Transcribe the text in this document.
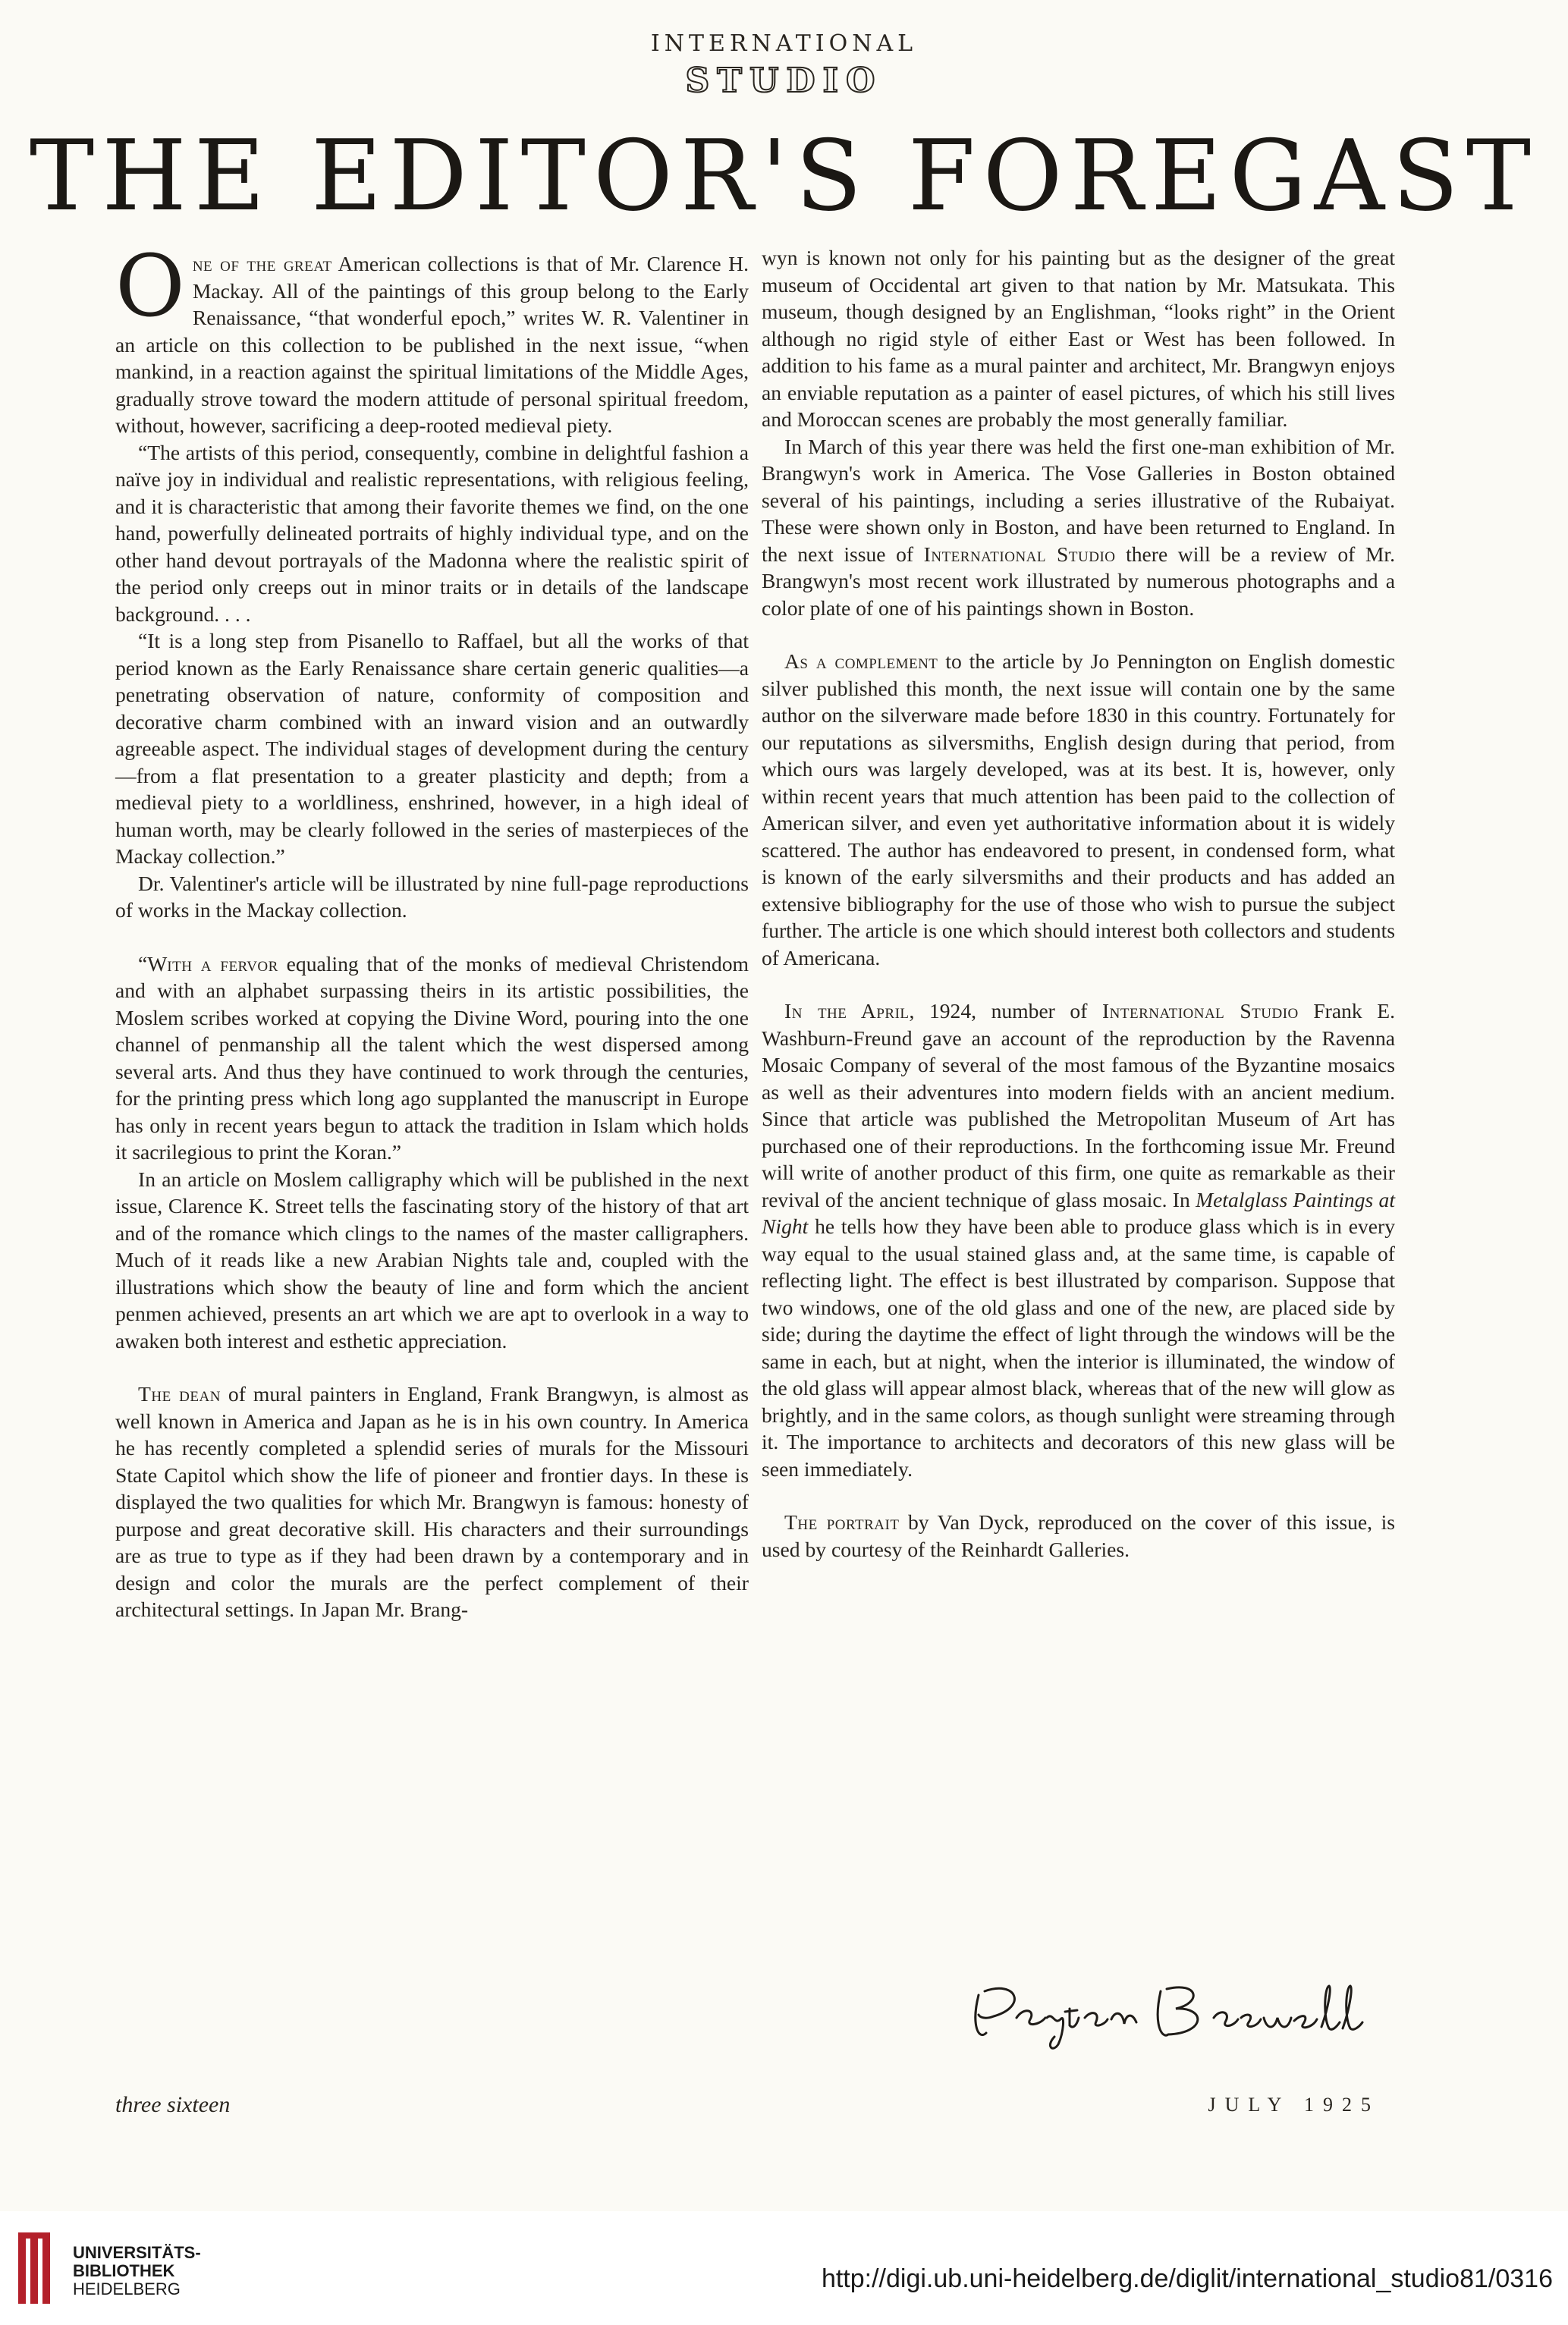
INTERNATIONAL
STUDIO
THE EDITOR'S FOREGAST

One of the great American collections is that of Mr. Clarence H. Mackay. All of the paintings of this group belong to the Early Renaissance, “that wonderful epoch,” writes W. R. Valentiner in an article on this collection to be published in the next issue, “when mankind, in a reaction against the spiritual limitations of the Middle Ages, gradually strove toward the modern attitude of personal spiritual freedom, without, however, sacrificing a deep-rooted medieval piety.

“The artists of this period, consequently, combine in delightful fashion a naïve joy in individual and realistic representations, with religious feeling, and it is characteristic that among their favorite themes we find, on the one hand, powerfully delineated portraits of highly individual type, and on the other hand devout portrayals of the Madonna where the realistic spirit of the period only creeps out in minor traits or in details of the landscape background. . . .

“It is a long step from Pisanello to Raffael, but all the works of that period known as the Early Renaissance share certain generic qualities—a penetrating observation of nature, conformity of composition and decorative charm combined with an inward vision and an outwardly agreeable aspect. The individual stages of development during the century—from a flat presentation to a greater plasticity and depth; from a medieval piety to a worldliness, enshrined, however, in a high ideal of human worth, may be clearly followed in the series of masterpieces of the Mackay collection.”

Dr. Valentiner's article will be illustrated by nine full-page reproductions of works in the Mackay collection.

“With a fervor equaling that of the monks of medieval Christendom and with an alphabet surpassing theirs in its artistic possibilities, the Moslem scribes worked at copying the Divine Word, pouring into the one channel of penmanship all the talent which the west dispersed among several arts. And thus they have continued to work through the centuries, for the printing press which long ago supplanted the manuscript in Europe has only in recent years begun to attack the tradition in Islam which holds it sacrilegious to print the Koran.”

In an article on Moslem calligraphy which will be published in the next issue, Clarence K. Street tells the fascinating story of the history of that art and of the romance which clings to the names of the master calligraphers. Much of it reads like a new Arabian Nights tale and, coupled with the illustrations which show the beauty of line and form which the ancient penmen achieved, presents an art which we are apt to overlook in a way to awaken both interest and esthetic appreciation.

The dean of mural painters in England, Frank Brangwyn, is almost as well known in America and Japan as he is in his own country. In America he has recently completed a splendid series of murals for the Missouri State Capitol which show the life of pioneer and frontier days. In these is displayed the two qualities for which Mr. Brangwyn is famous: honesty of purpose and great decorative skill. His characters and their surroundings are as true to type as if they had been drawn by a contemporary and in design and color the murals are the perfect complement of their architectural settings. In Japan Mr. Brang-

wyn is known not only for his painting but as the designer of the great museum of Occidental art given to that nation by Mr. Matsukata. This museum, though designed by an Englishman, “looks right” in the Orient although no rigid style of either East or West has been followed. In addition to his fame as a mural painter and architect, Mr. Brangwyn enjoys an enviable reputation as a painter of easel pictures, of which his still lives and Moroccan scenes are probably the most generally familiar.

In March of this year there was held the first one-man exhibition of Mr. Brangwyn's work in America. The Vose Galleries in Boston obtained several of his paintings, including a series illustrative of the Rubaiyat. These were shown only in Boston, and have been returned to England. In the next issue of International Studio there will be a review of Mr. Brangwyn's most recent work illustrated by numerous photographs and a color plate of one of his paintings shown in Boston.

As a complement to the article by Jo Pennington on English domestic silver published this month, the next issue will contain one by the same author on the silverware made before 1830 in this country. Fortunately for our reputations as silversmiths, English design during that period, from which ours was largely developed, was at its best. It is, however, only within recent years that much attention has been paid to the collection of American silver, and even yet authoritative information about it is widely scattered. The author has endeavored to present, in condensed form, what is known of the early silversmiths and their products and has added an extensive bibliography for the use of those who wish to pursue the subject further. The article is one which should interest both collectors and students of Americana.

In the April, 1924, number of International Studio Frank E. Washburn-Freund gave an account of the reproduction by the Ravenna Mosaic Company of several of the most famous of the Byzantine mosaics as well as their adventures into modern fields with an ancient medium. Since that article was published the Metropolitan Museum of Art has purchased one of their reproductions. In the forthcoming issue Mr. Freund will write of another product of this firm, one quite as remarkable as their revival of the ancient technique of glass mosaic. In Metalglass Paintings at Night he tells how they have been able to produce glass which is in every way equal to the usual stained glass and, at the same time, is capable of reflecting light. The effect is best illustrated by comparison. Suppose that two windows, one of the old glass and one of the new, are placed side by side; during the daytime the effect of light through the windows will be the same in each, but at night, when the interior is illuminated, the window of the old glass will appear almost black, whereas that of the new will glow as brightly, and in the same colors, as though sunlight were streaming through it. The importance to architects and decorators of this new glass will be seen immediately.

The portrait by Van Dyck, reproduced on the cover of this issue, is used by courtesy of the Reinhardt Galleries.

three sixteen	JULY 1925
UNIVERSITÄTS-
BIBLIOTHEK
HEIDELBERG	http://digi.ub.uni-heidelberg.de/diglit/international_studio81/0316
